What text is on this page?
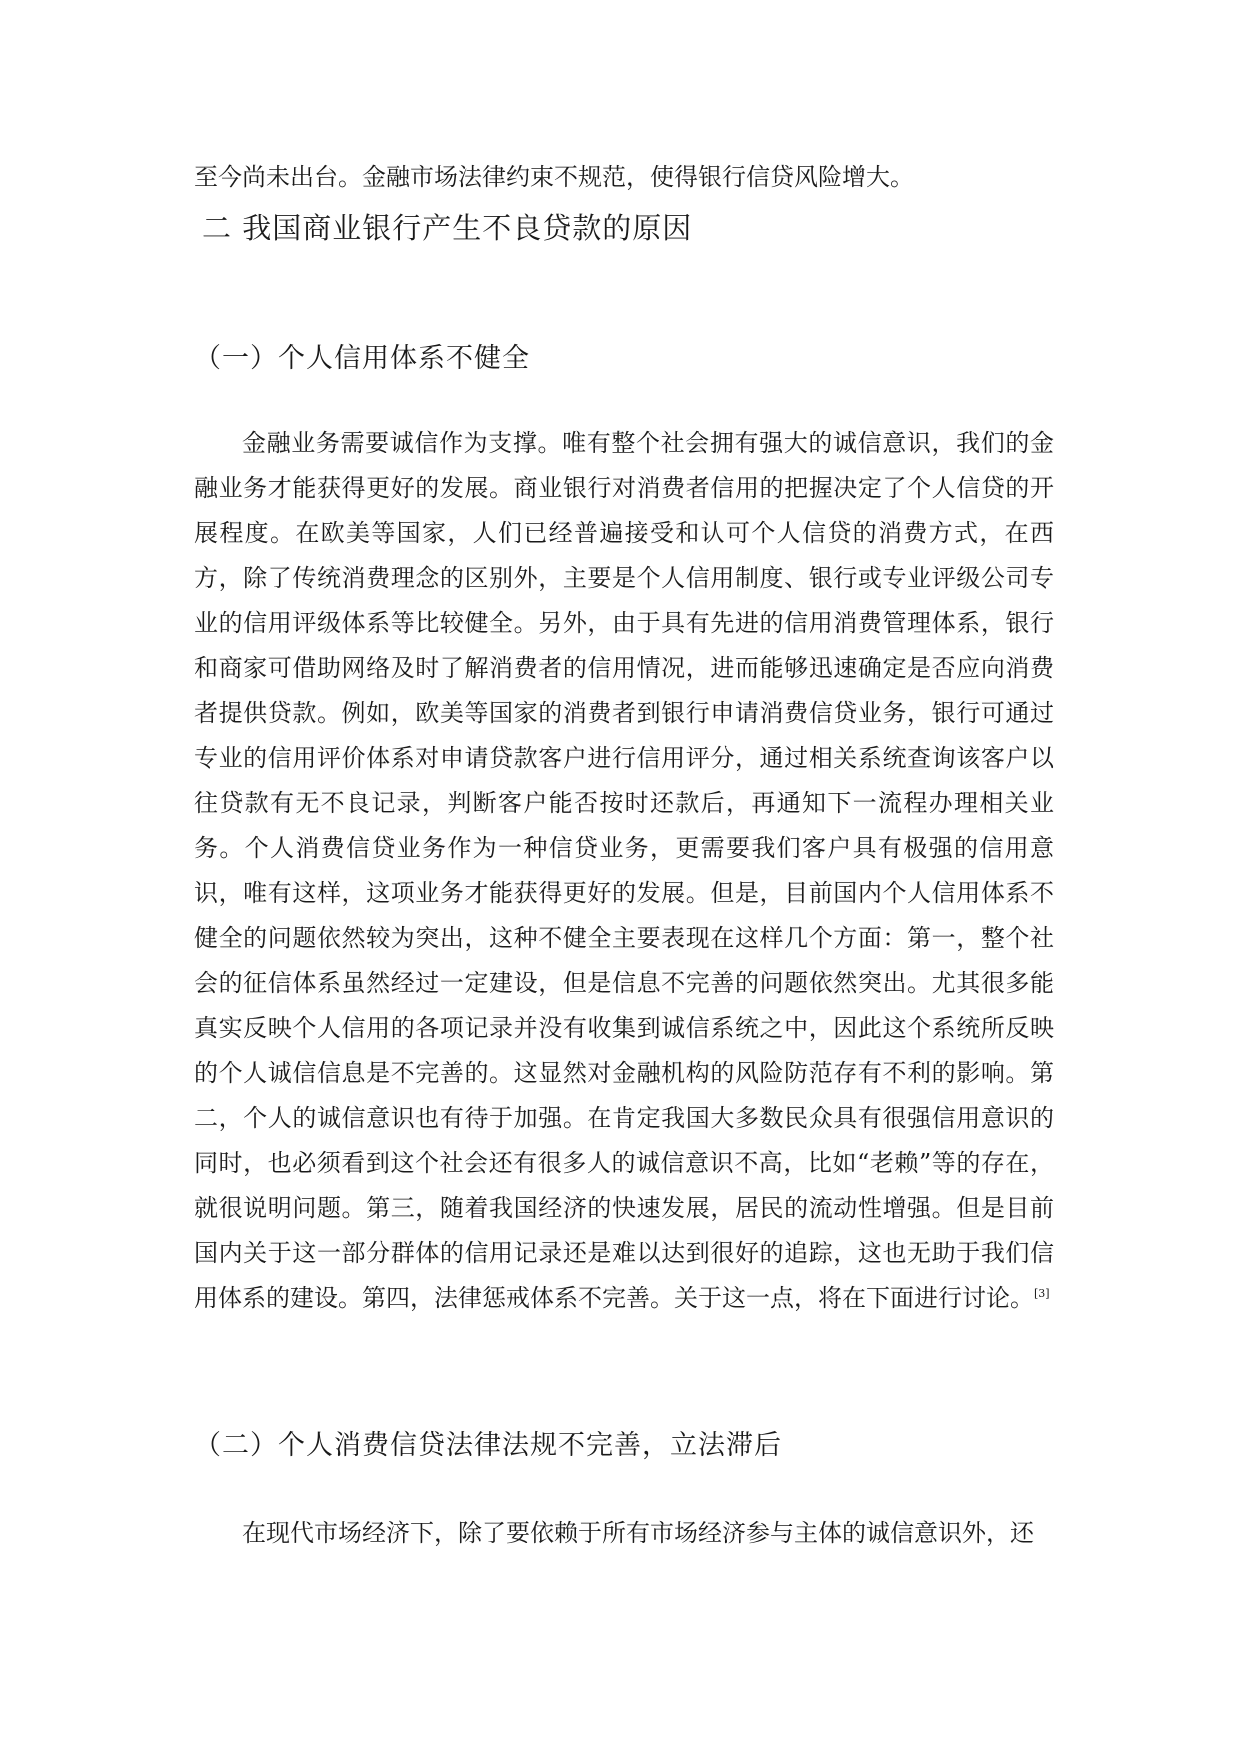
至今尚未出台。金融市场法律约束不规范，使得银行信贷风险增大。

二 我国商业银行产生不良贷款的原因
（一）个人信用体系不健全

金融业务需要诚信作为支撑。唯有整个社会拥有强大的诚信意识，我们的金融业务才能获得更好的发展。商业银行对消费者信用的把握决定了个人信贷的开展程度。在欧美等国家，人们已经普遍接受和认可个人信贷的消费方式，在西方，除了传统消费理念的区别外，主要是个人信用制度、银行或专业评级公司专业的信用评级体系等比较健全。另外，由于具有先进的信用消费管理体系，银行和商家可借助网络及时了解消费者的信用情况，进而能够迅速确定是否应向消费者提供贷款。例如，欧美等国家的消费者到银行申请消费信贷业务，银行可通过专业的信用评价体系对申请贷款客户进行信用评分，通过相关系统查询该客户以往贷款有无不良记录，判断客户能否按时还款后，再通知下一流程办理相关业务。个人消费信贷业务作为一种信贷业务，更需要我们客户具有极强的信用意识，唯有这样，这项业务才能获得更好的发展。但是，目前国内个人信用体系不健全的问题依然较为突出，这种不健全主要表现在这样几个方面：第一，整个社会的征信体系虽然经过一定建设，但是信息不完善的问题依然突出。尤其很多能真实反映个人信用的各项记录并没有收集到诚信系统之中，因此这个系统所反映的个人诚信信息是不完善的。这显然对金融机构的风险防范存有不利的影响。第二，个人的诚信意识也有待于加强。在肯定我国大多数民众具有很强信用意识的同时，也必须看到这个社会还有很多人的诚信意识不高，比如“老赖”等的存在，就很说明问题。第三，随着我国经济的快速发展，居民的流动性增强。但是目前国内关于这一部分群体的信用记录还是难以达到很好的追踪，这也无助于我们信用体系的建设。第四，法律惩戒体系不完善。关于这一点，将在下面进行讨论。[3]

（二）个人消费信贷法律法规不完善，立法滞后

在现代市场经济下，除了要依赖于所有市场经济参与主体的诚信意识外，还
